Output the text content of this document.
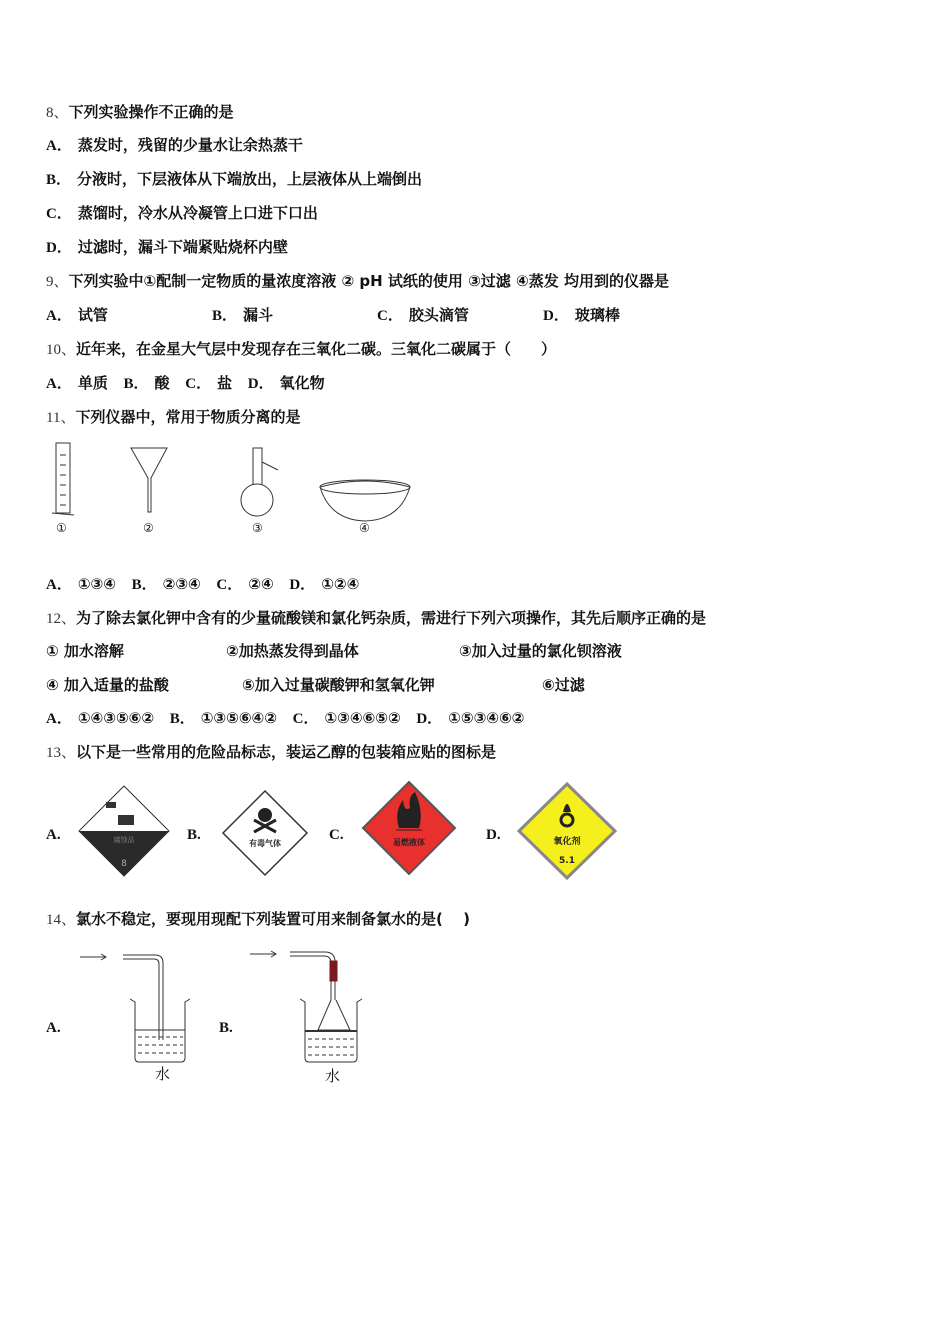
8、下列实验操作不正确的是
A． 蒸发时，残留的少量水让余热蒸干
B． 分液时，下层液体从下端放出，上层液体从上端倒出
C． 蒸馏时，冷水从冷凝管上口进下口出
D． 过滤时，漏斗下端紧贴烧杯内壁
9、下列实验中①配制一定物质的量浓度溶液 ② pH 试纸的使用 ③过滤 ④蒸发 均用到的仪器是
A． 试管	B． 漏斗	C． 胶头滴管	D． 玻璃棒
10、近年来，在金星大气层中发现存在三氧化二碳。三氧化二碳属于（　　）
A． 单质 B． 酸 C． 盐 D． 氧化物
11、下列仪器中，常用于物质分离的是
①	②	③	④
A． ①③④ B． ②③④ C． ②④ D． ①②④
12、为了除去氯化钾中含有的少量硫酸镁和氯化钙杂质，需进行下列六项操作，其先后顺序正确的是
① 加水溶解	②加热蒸发得到晶体	③加入过量的氯化钡溶液
④ 加入适量的盐酸	⑤加入过量碳酸钾和氢氧化钾	⑥过滤
A． ①④③⑤⑥② B． ①③⑤⑥④② C． ①③④⑥⑤② D． ①⑤③④⑥②
13、以下是一些常用的危险品标志，装运乙醇的包装箱应贴的图标是
A.	B.	C.	D.
腐蚀品
8
有毒气体	易燃液体	氧化剂
5.1
14、氯水不稳定，要现用现配下列装置可用来制备氯水的是(　 )
A.	B.
水	水
